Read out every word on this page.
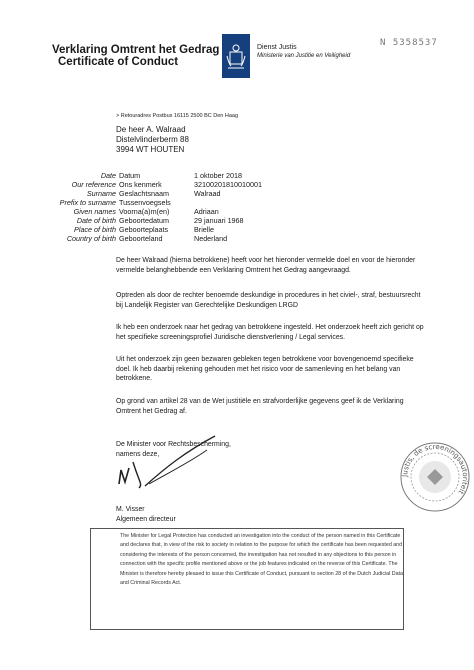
Verklaring Omtrent het Gedrag
Certificate of Conduct
Dienst Justis
Ministerie van Justitie en Veiligheid
N 5358537
> Retouradres Postbus 16115 2500 BC Den Haag
De heer A. Walraad
Distelvlinderberm 88
3994 WT HOUTEN
Date Datum	1 oktober 2018
Our reference Ons kenmerk	32100201810010001
Surname Geslachtsnaam	Walraad
Prefix to surname Tussenvoegsels
Given names Voorna(a)m(en)	Adriaan
Date of birth Geboortedatum	29 januari 1968
Place of birth Geboorteplaats	Brielle
Country of birth Geboorteland	Nederland
De heer Walraad (hierna betrokkene) heeft voor het hieronder vermelde doel en voor de hieronder vermelde belanghebbende een Verklaring Omtrent het Gedrag aangevraagd.
Optreden als door de rechter benoemde deskundige in procedures in het civiel-, straf, bestuursrecht bij Landelijk Register van Gerechtelijke Deskundigen LRGD
Ik heb een onderzoek naar het gedrag van betrokkene ingesteld. Het onderzoek heeft zich gericht op het specifieke screeningsprofiel Juridische dienstverlening / Legal services.
Uit het onderzoek zijn geen bezwaren gebleken tegen betrokkene voor bovengenoemd specifieke doel. Ik heb daarbij rekening gehouden met het risico voor de samenleving en het belang van betrokkene.
Op grond van artikel 28 van de Wet justitiële en strafvorderlijke gegevens geef ik de Verklaring Omtrent het Gedrag af.
De Minister voor Rechtsbescherming,
namens deze,
M. Visser
Algemeen directeur
Justis, de screeningsautoriteit
The Minister for Legal Protection has conducted an investigation into the conduct of the person named in this Certificate and declares that, in view of the risk to society in relation to the purpose for which the certificate has been requested and considering the interests of the person concerned, the investigation has not resulted in any objections to this person in connection with the specific profile mentioned above or the job features indicated on the reverse of this Certificate. The Minister is therefore hereby pleased to issue this Certificate of Conduct, pursuant to section 28 of the Dutch Judicial Data and Criminal Records Act.
